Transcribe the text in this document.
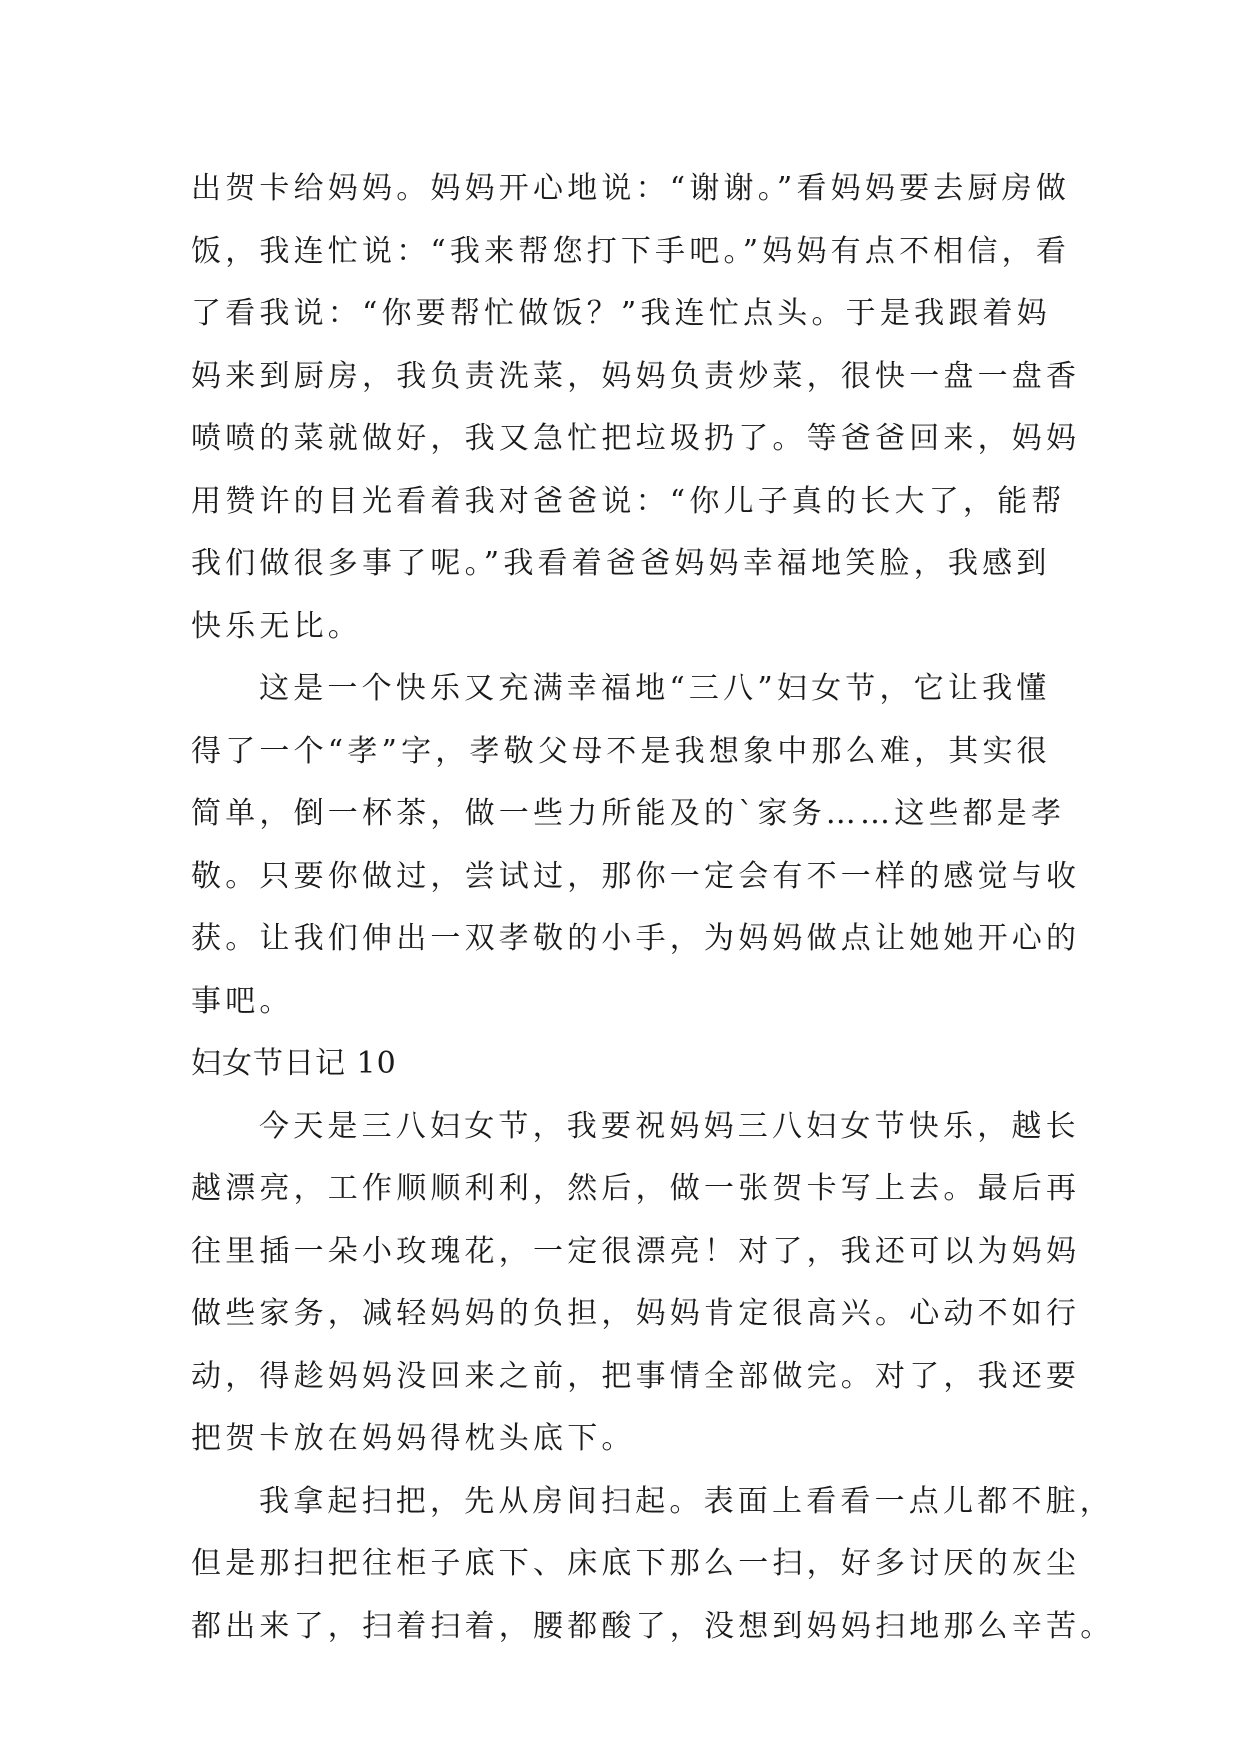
出贺卡给妈妈。妈妈开心地说：“谢谢。”看妈妈要去厨房做
饭，我连忙说：“我来帮您打下手吧。”妈妈有点不相信，看
了看我说：“你要帮忙做饭？”我连忙点头。于是我跟着妈
妈来到厨房，我负责洗菜，妈妈负责炒菜，很快一盘一盘香
喷喷的菜就做好，我又急忙把垃圾扔了。等爸爸回来，妈妈
用赞许的目光看着我对爸爸说：“你儿子真的长大了，能帮
我们做很多事了呢。”我看着爸爸妈妈幸福地笑脸，我感到
快乐无比。
这是一个快乐又充满幸福地“三八”妇女节，它让我懂
得了一个“孝”字，孝敬父母不是我想象中那么难，其实很
简单，倒一杯茶，做一些力所能及的`家务……这些都是孝
敬。只要你做过，尝试过，那你一定会有不一样的感觉与收
获。让我们伸出一双孝敬的小手，为妈妈做点让她她开心的
事吧。
妇女节日记 10
今天是三八妇女节，我要祝妈妈三八妇女节快乐，越长
越漂亮，工作顺顺利利，然后，做一张贺卡写上去。最后再
往里插一朵小玫瑰花，一定很漂亮！对了，我还可以为妈妈
做些家务，减轻妈妈的负担，妈妈肯定很高兴。心动不如行
动，得趁妈妈没回来之前，把事情全部做完。对了，我还要
把贺卡放在妈妈得枕头底下。
我拿起扫把，先从房间扫起。表面上看看一点儿都不脏，
但是那扫把往柜子底下、床底下那么一扫，好多讨厌的灰尘
都出来了，扫着扫着，腰都酸了，没想到妈妈扫地那么辛苦。
